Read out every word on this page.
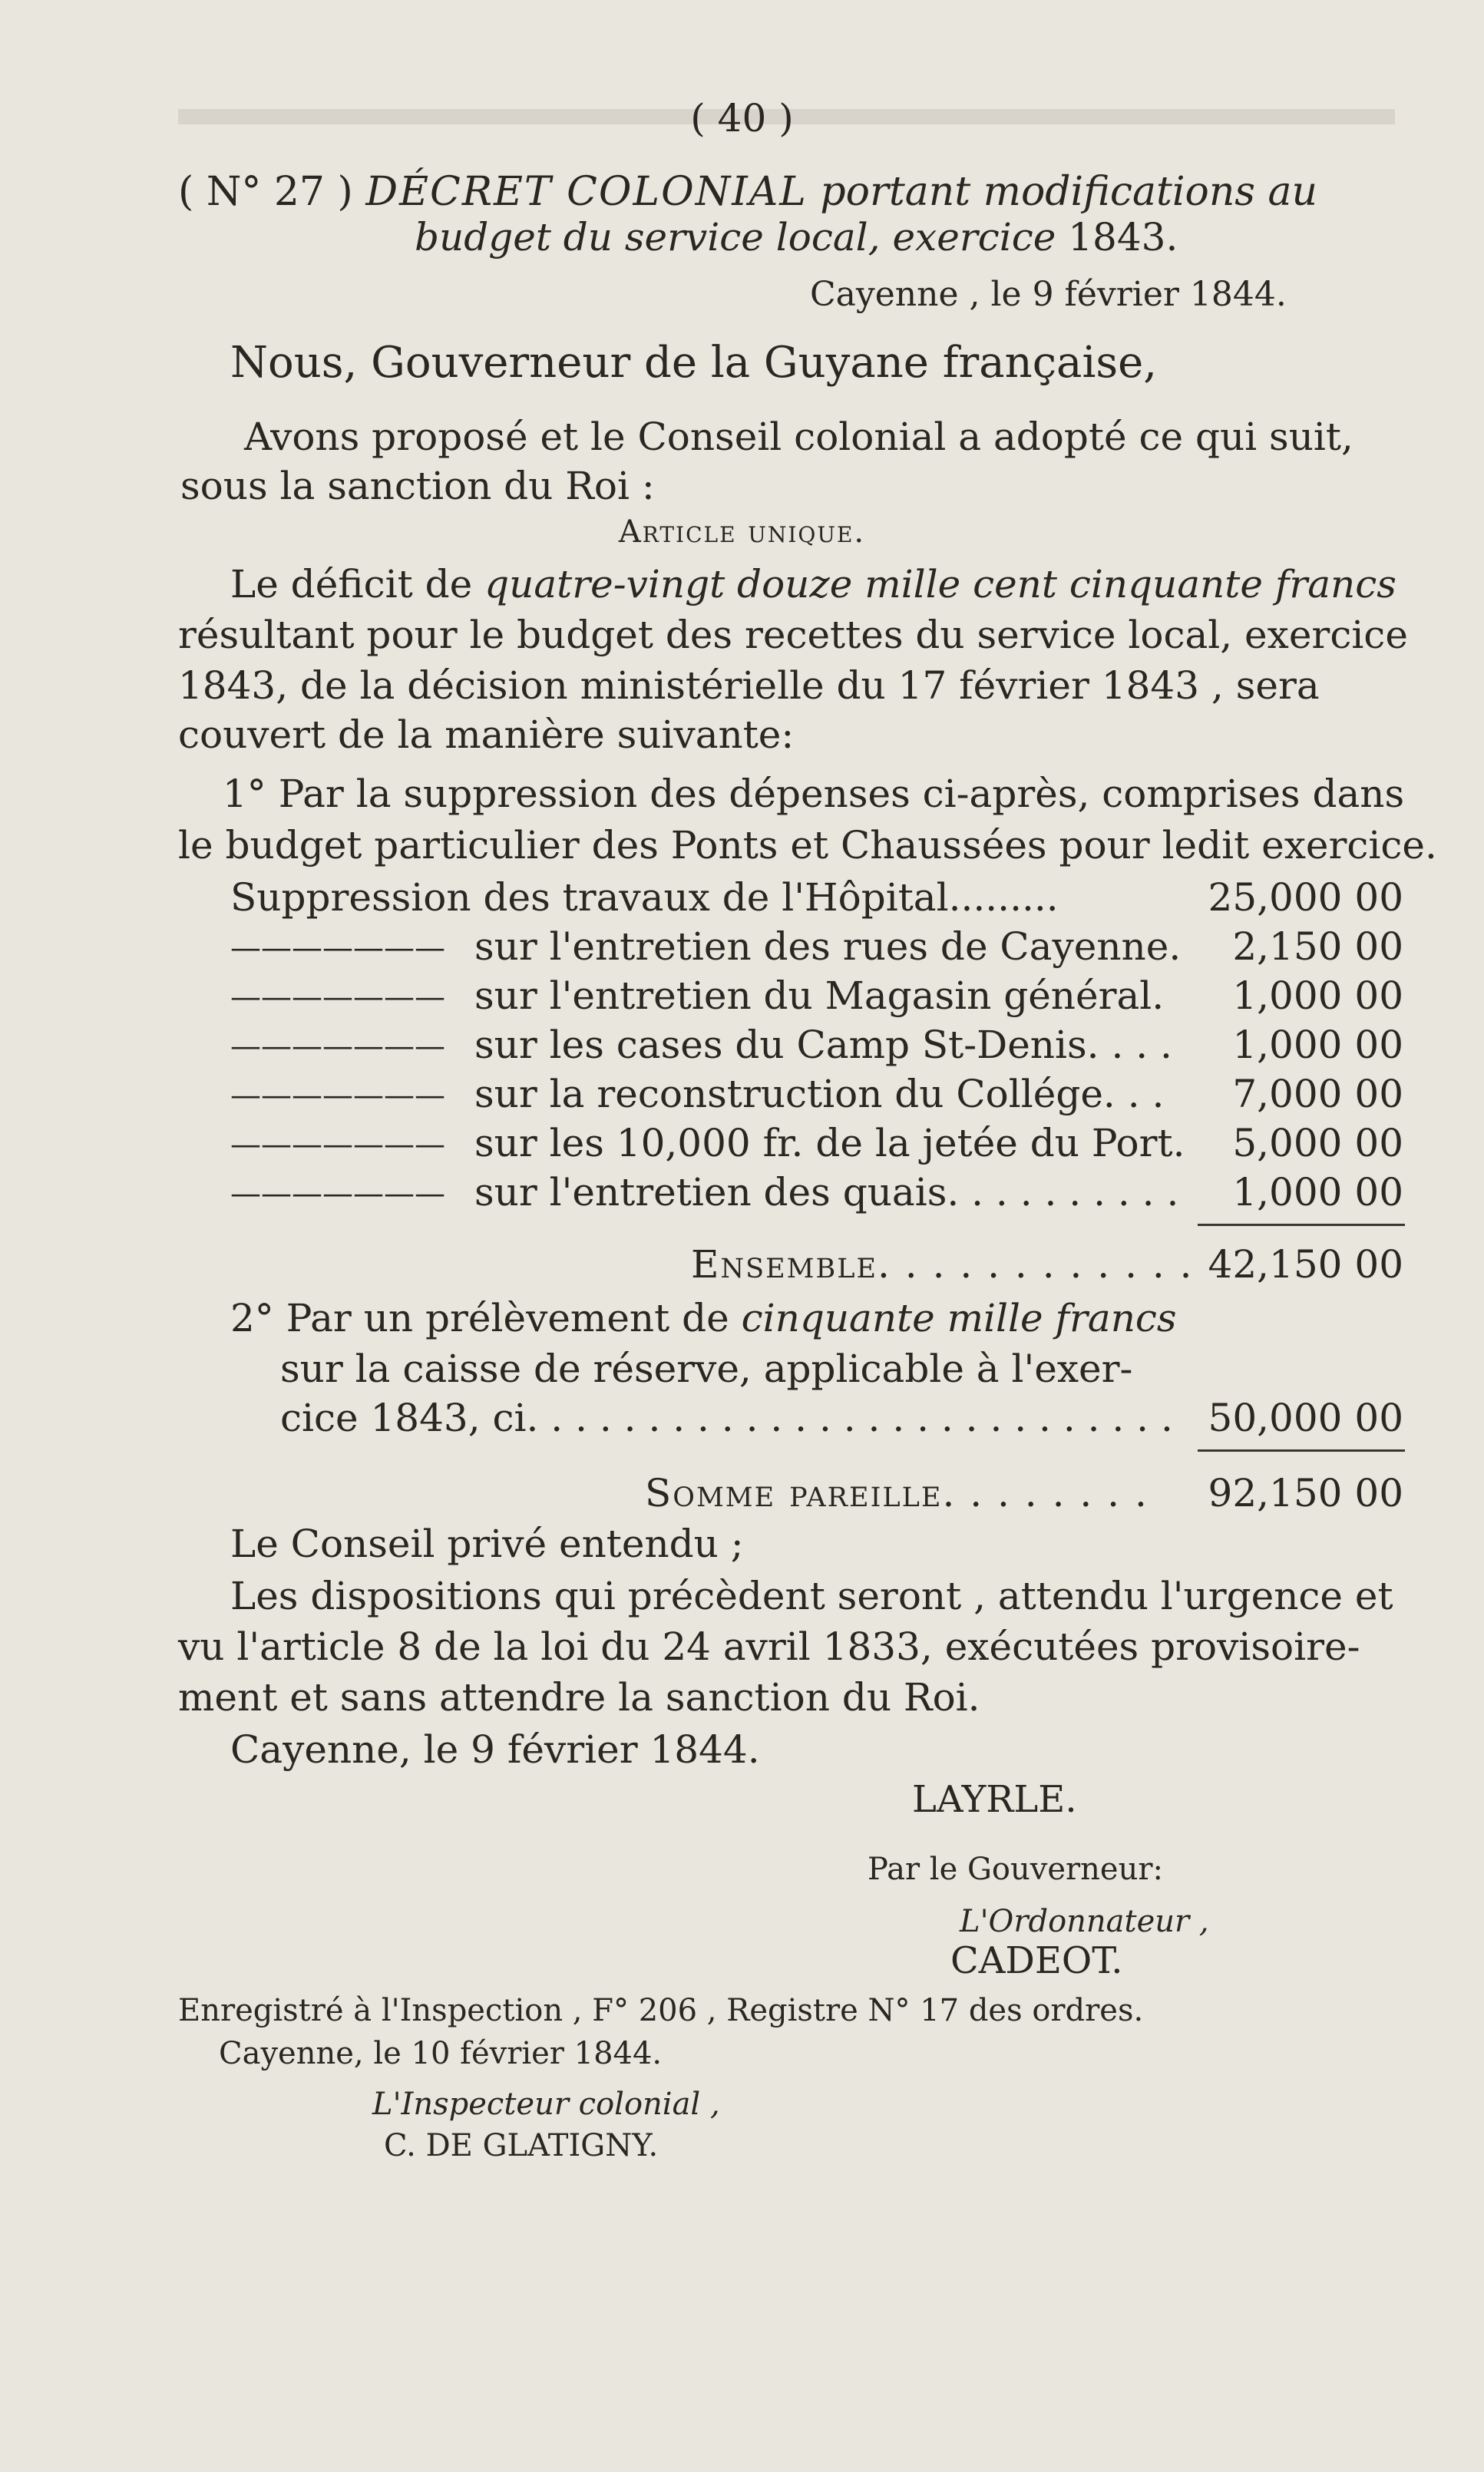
( 40 )
( N° 27 ) DÉCRET COLONIAL portant modifications au
budget du service local, exercice 1843.
Cayenne , le 9 février 1844.
Nous, Gouverneur de la Guyane française,
Avons proposé et le Conseil colonial a adopté ce qui suit,
sous la sanction du Roi :
Article unique.
Le déficit de quatre-vingt douze mille cent cinquante francs
résultant pour le budget des recettes du service local, exercice
1843, de la décision ministérielle du 17 février 1843 , sera
couvert de la manière suivante:
1° Par la suppression des dépenses ci-après, comprises dans
le budget particulier des Ponts et Chaussées pour ledit exercice.
Suppression des travaux de l'Hôpital.........	25,000 00
——————— sur l'entretien des rues de Cayenne.	2,150 00
——————— sur l'entretien du Magasin général.	1,000 00
——————— sur les cases du Camp St-Denis. . . .	1,000 00
——————— sur la reconstruction du Collége. . .	7,000 00
——————— sur les 10,000 fr. de la jetée du Port.	5,000 00
——————— sur l'entretien des quais. . . . . . . . . .	1,000 00
Ensemble. . . . . . . . . . . . 42,150 00
2° Par un prélèvement de cinquante mille francs
sur la caisse de réserve, applicable à l'exer-
cice 1843, ci. . . . . . . . . . . . . . . . . . . . . . . . . . . 50,000 00
Somme pareille. . . . . . . .	92,150 00
Le Conseil privé entendu ;
Les dispositions qui précèdent seront , attendu l'urgence et
vu l'article 8 de la loi du 24 avril 1833, exécutées provisoire-
ment et sans attendre la sanction du Roi.
Cayenne, le 9 février 1844.
LAYRLE.
Par le Gouverneur:
L'Ordonnateur ,
CADEOT.
Enregistré à l'Inspection , F° 206 , Registre N° 17 des ordres.
Cayenne, le 10 février 1844.
L'Inspecteur colonial ,
C. DE GLATIGNY.
